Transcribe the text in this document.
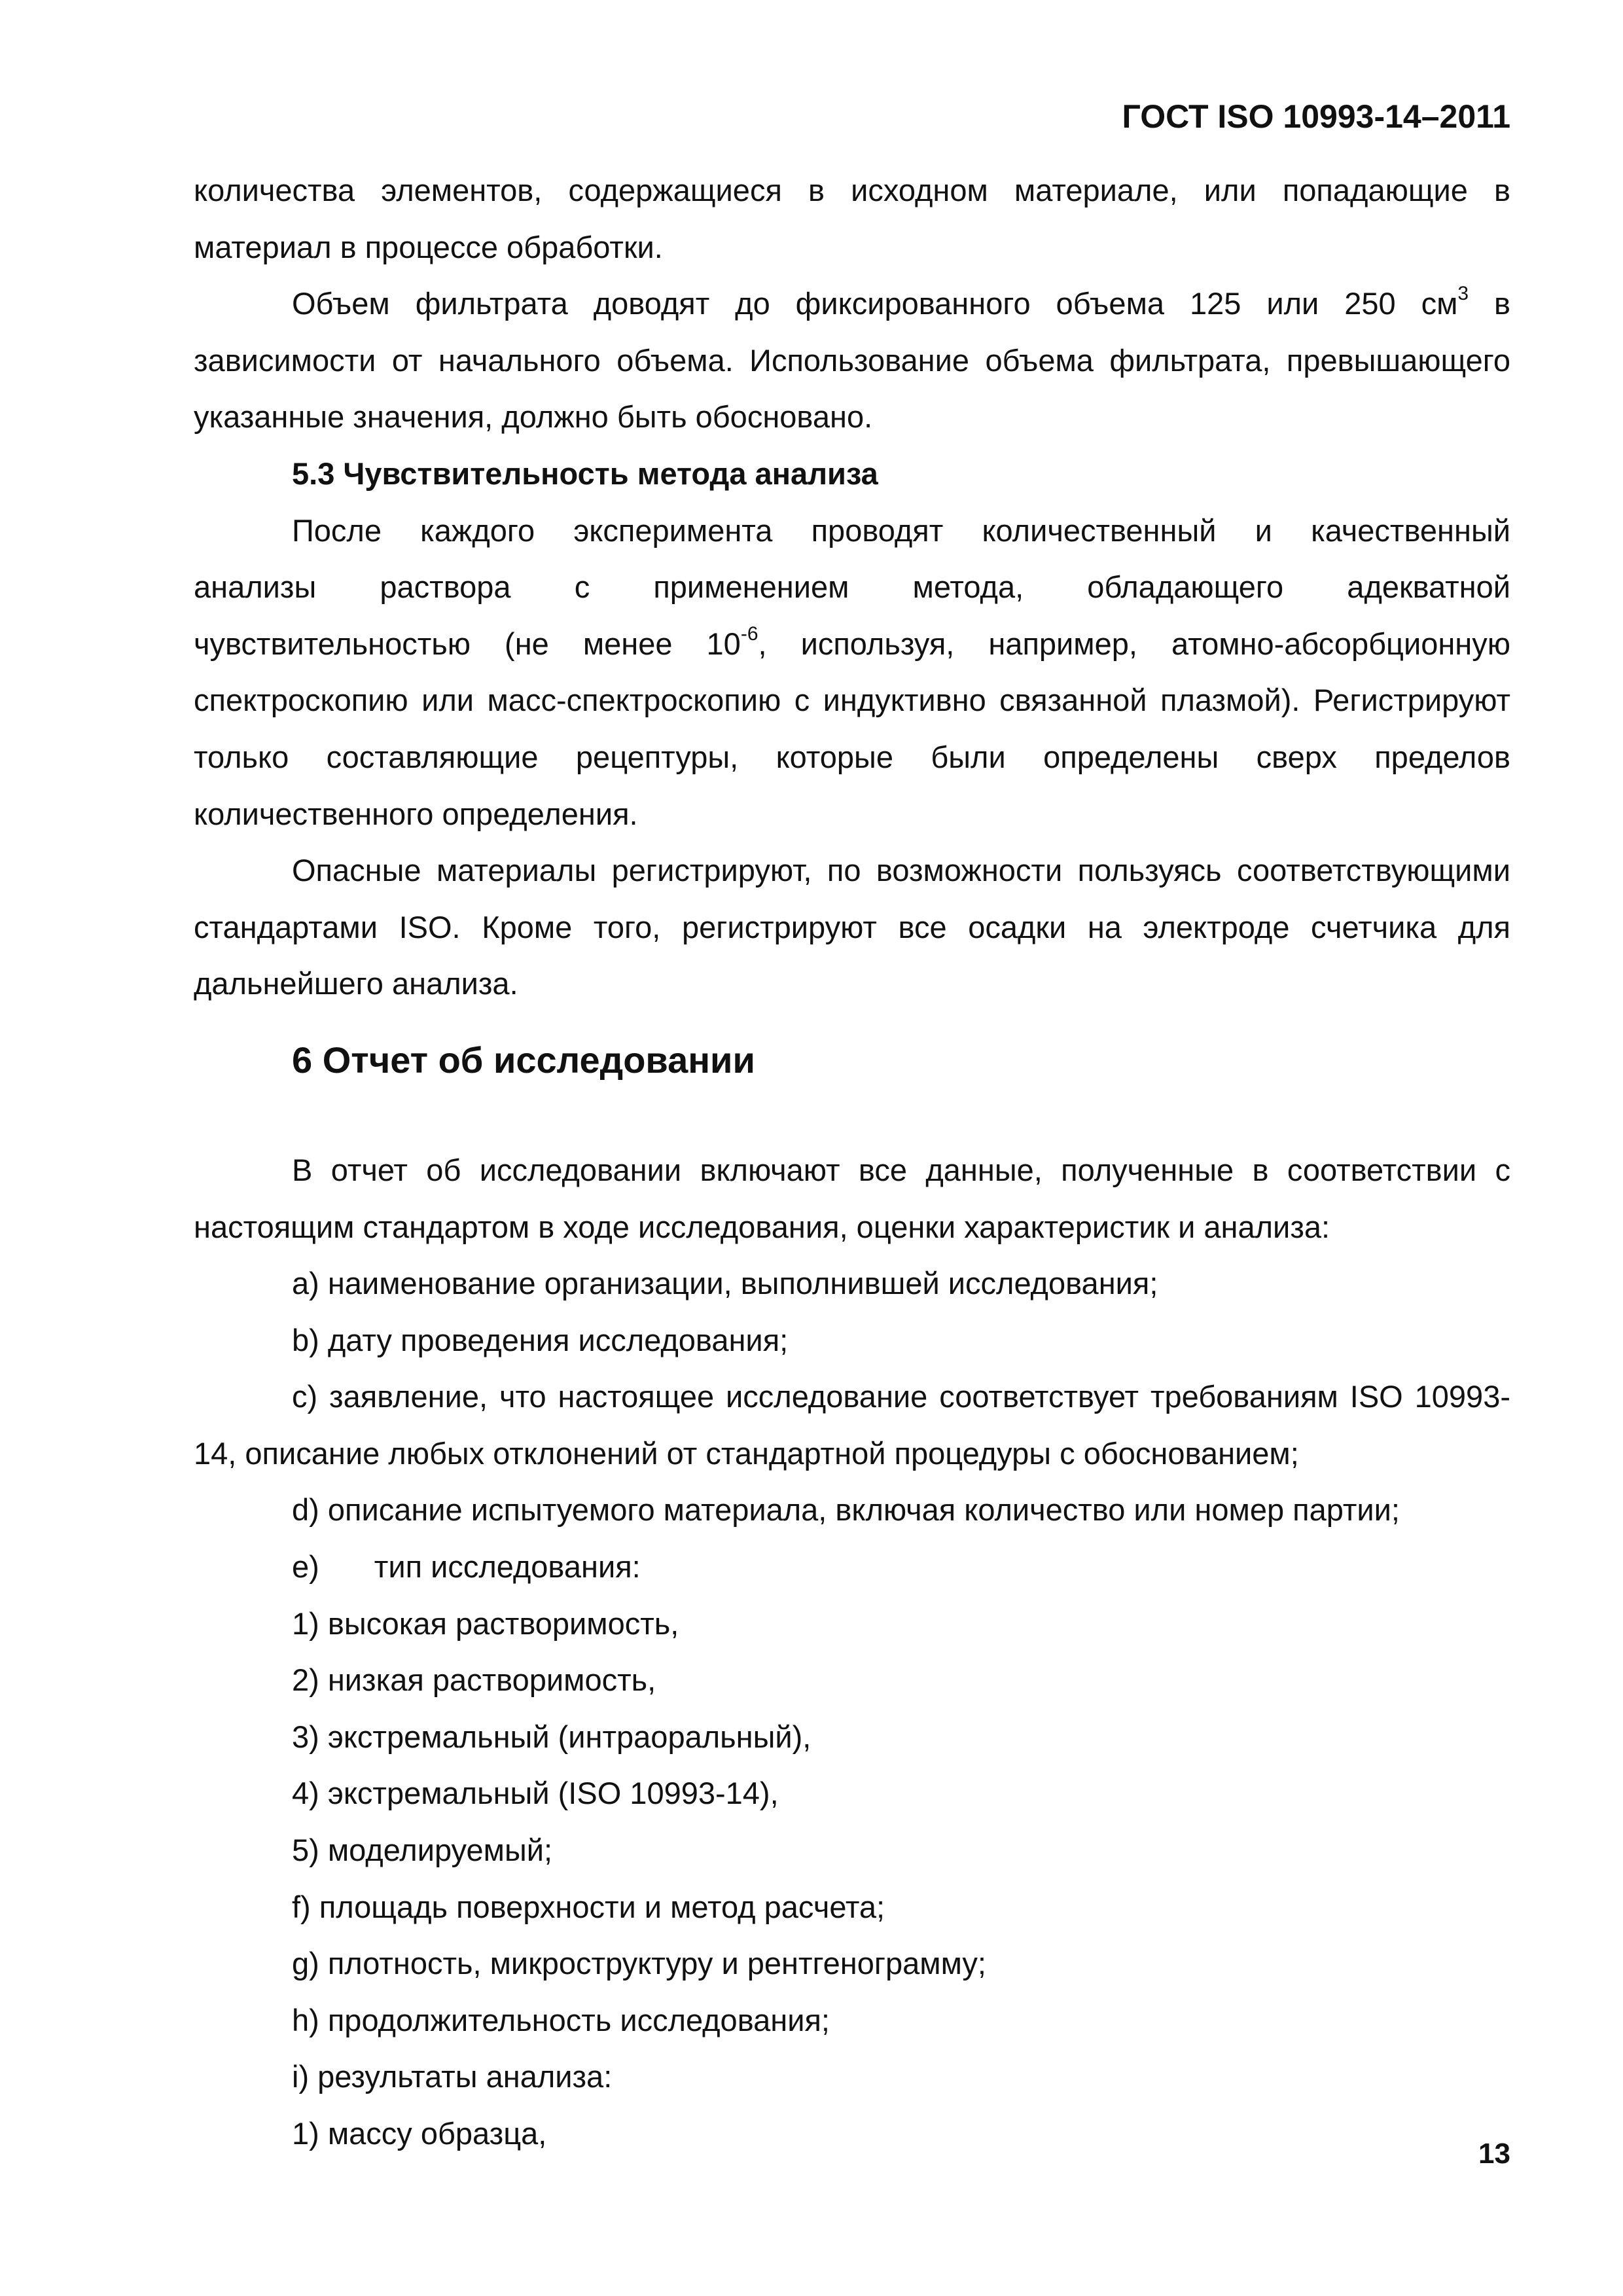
ГОСТ ISO 10993-14–2011

количества элементов, содержащиеся в исходном материале, или попадающие в материал в процессе обработки.

Объем фильтрата доводят до фиксированного объема 125 или 250 $см^3$ в зависимости от начального объема. Использование объема фильтрата, превышающего указанные значения, должно быть обосновано.

5.3 Чувствительность метода анализа

После каждого эксперимента проводят количественный и качественный

анализы раствора с применением метода, обладающего адекватной

чувствительностью (не менее $10^{-6}$, используя, например, атомно-абсорбционную спектроскопию или масс-спектроскопию с индуктивно связанной плазмой). Регистрируют только составляющие рецептуры, которые были определены сверх пределов количественного определения.

Опасные материалы регистрируют, по возможности пользуясь соответствующими стандартами ISO. Кроме того, регистрируют все осадки на электроде счетчика для дальнейшего анализа.

6 Отчет об исследовании

В отчет об исследовании включают все данные, полученные в соответствии с настоящим стандартом в ходе исследования, оценки характеристик и анализа:

a) наименование организации, выполнившей исследования;

b) дату проведения исследования;

c) заявление, что настоящее исследование соответствует требованиям ISO 10993-14, описание любых отклонений от стандартной процедуры с обоснованием;

d) описание испытуемого материала, включая количество или номер партии;

e) тип исследования:

1) высокая растворимость,

2) низкая растворимость,

3) экстремальный (интраоральный),

4) экстремальный (ISO 10993-14),

5) моделируемый;

f) площадь поверхности и метод расчета;

g) плотность, микроструктуру и рентгенограмму;

h) продолжительность исследования;

i) результаты анализа:

1) массу образца,

13
